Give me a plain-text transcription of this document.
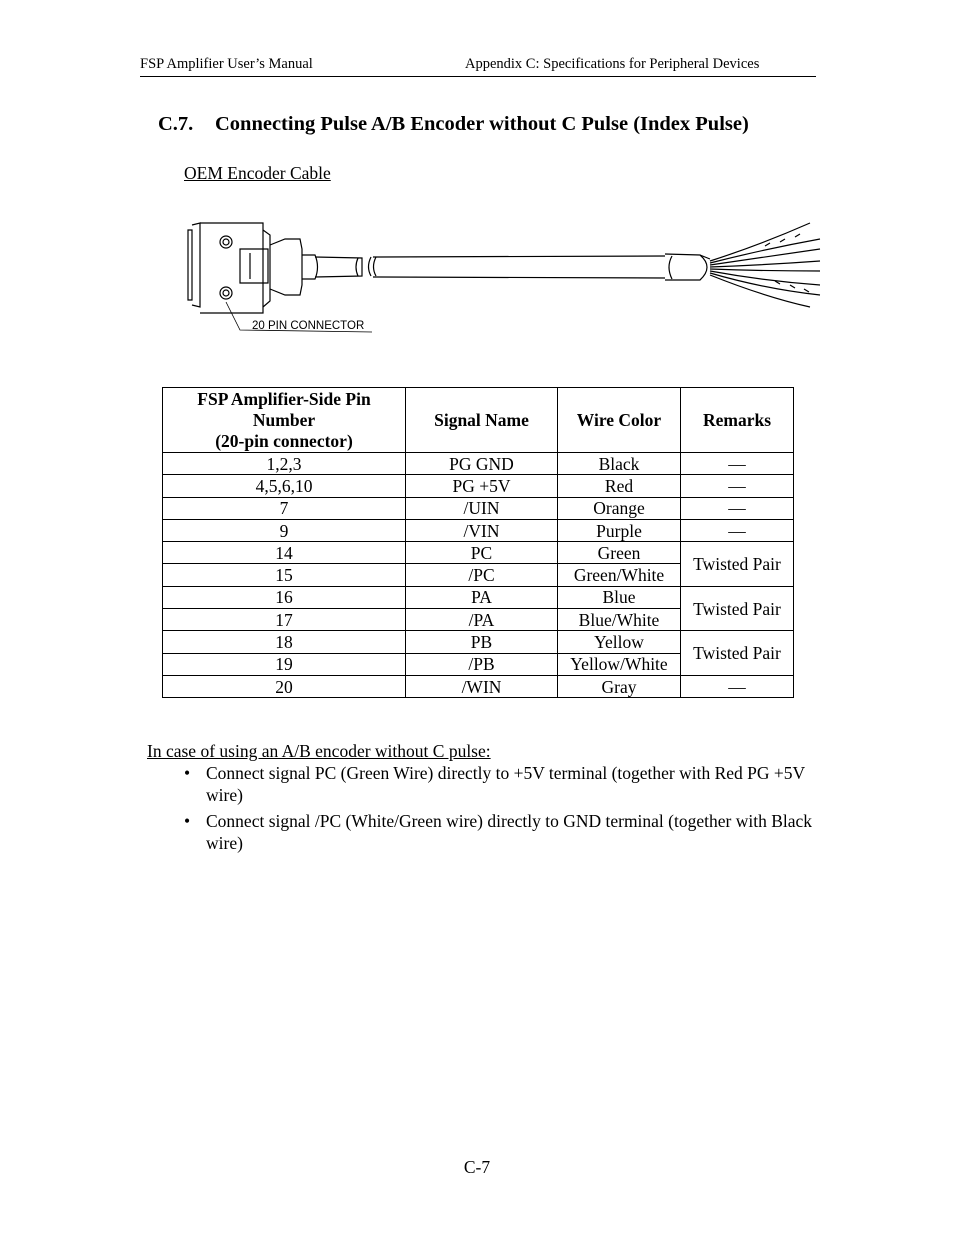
FSP Amplifier User’s Manual	Appendix C: Specifications for Peripheral Devices
C.7. Connecting Pulse A/B Encoder without C Pulse (Index Pulse)
OEM Encoder Cable
20 PIN CONNECTOR
FSP Amplifier-Side Pin
Number
(20-pin connector)	Signal Name	Wire Color	Remarks
1,2,3	PG GND	Black	—
4,5,6,10	PG +5V	Red	—
7	/UIN	Orange	—
9	/VIN	Purple	—
14	PC	Green	Twisted Pair
15	/PC	Green/White	
16	PA	Blue	Twisted Pair
17	/PA	Blue/White	
18	PB	Yellow	Twisted Pair
19	/PB	Yellow/White	
20	/WIN	Gray	—
In case of using an A/B encoder without C pulse:
• Connect signal PC (Green Wire) directly to +5V terminal (together with Red PG +5V wire)
• Connect signal /PC (White/Green wire) directly to GND terminal (together with Black wire)
C-7
